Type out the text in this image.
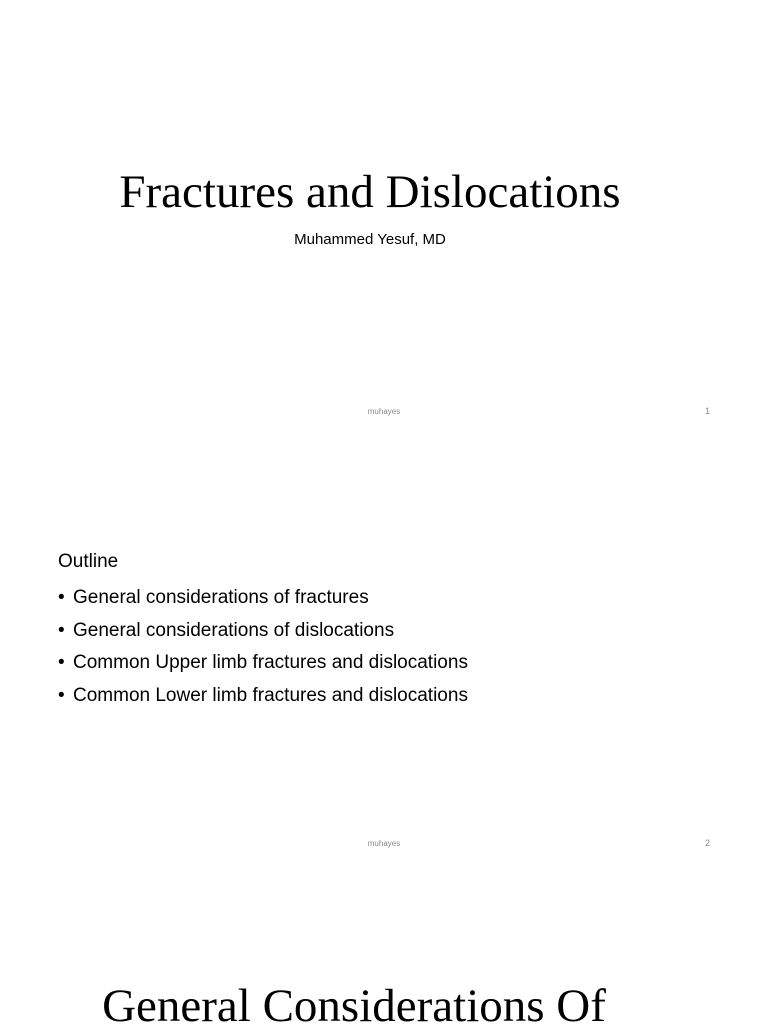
Fractures and Dislocations
Muhammed Yesuf, MD
muhayes	1
Outline
• General considerations of fractures
• General considerations of dislocations
• Common Upper limb fractures and dislocations
• Common Lower limb fractures and dislocations
muhayes	2
General Considerations Of
